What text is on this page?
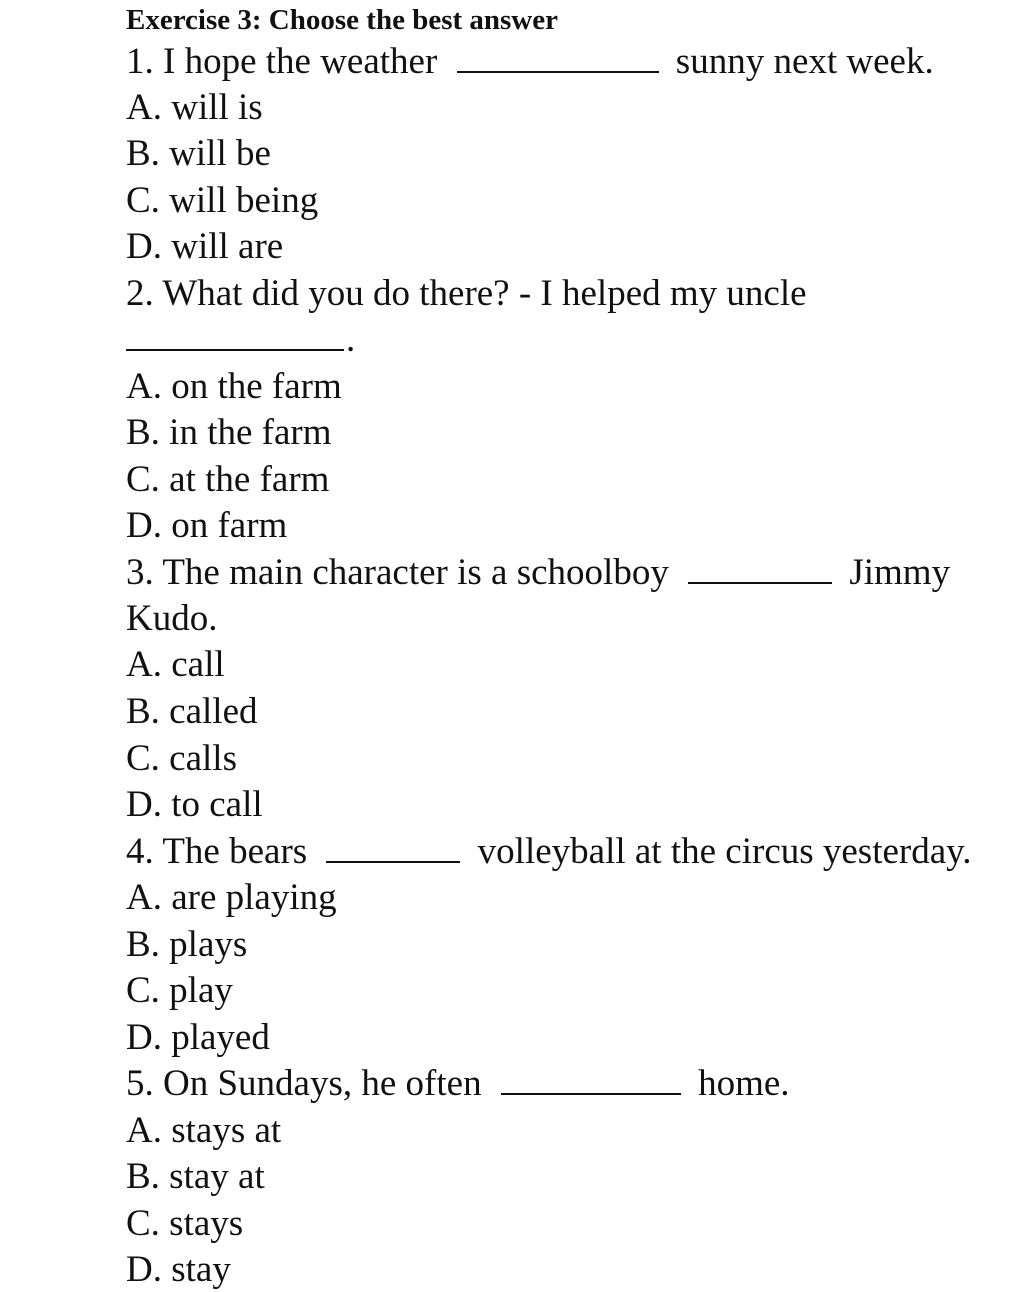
Exercise 3: Choose the best answer
1. I hope the weather	sunny next week.
A. will is
B. will be
C. will being
D. will are
2. What did you do there? - I helped my uncle
.
A. on the farm
B. in the farm
C. at the farm
D. on farm
3. The main character is a schoolboy	Jimmy
Kudo.
A. call
B. called
C. calls
D. to call
4. The bears	volleyball at the circus yesterday.
A. are playing
B. plays
C. play
D. played
5. On Sundays, he often	home.
A. stays at
B. stay at
C. stays
D. stay
